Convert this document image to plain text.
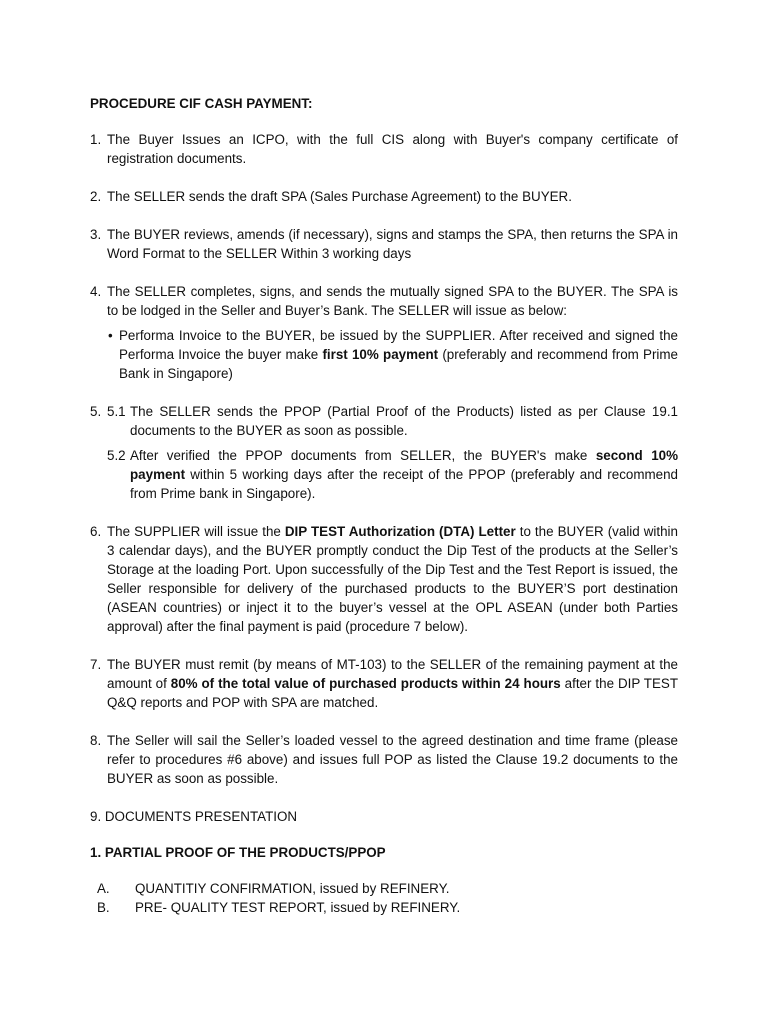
PROCEDURE CIF CASH PAYMENT:
1. The Buyer Issues an ICPO, with the full CIS along with Buyer's company certificate of registration documents.
2. The SELLER sends the draft SPA (Sales Purchase Agreement) to the BUYER.
3. The BUYER reviews, amends (if necessary), signs and stamps the SPA, then returns the SPA in Word Format to the SELLER Within 3 working days
4. The SELLER completes, signs, and sends the mutually signed SPA to the BUYER. The SPA is to be lodged in the Seller and Buyer’s Bank. The SELLER will issue as below:
• Performa Invoice to the BUYER, be issued by the SUPPLIER. After received and signed the Performa Invoice the buyer make first 10% payment (preferably and recommend from Prime Bank in Singapore)
5. 5.1 The SELLER sends the PPOP (Partial Proof of the Products) listed as per Clause 19.1 documents to the BUYER as soon as possible.
5.2 After verified the PPOP documents from SELLER, the BUYER's make second 10% payment within 5 working days after the receipt of the PPOP (preferably and recommend from Prime bank in Singapore).
6. The SUPPLIER will issue the DIP TEST Authorization (DTA) Letter to the BUYER (valid within 3 calendar days), and the BUYER promptly conduct the Dip Test of the products at the Seller’s Storage at the loading Port. Upon successfully of the Dip Test and the Test Report is issued, the Seller responsible for delivery of the purchased products to the BUYER’S port destination (ASEAN countries) or inject it to the buyer’s vessel at the OPL ASEAN (under both Parties approval) after the final payment is paid (procedure 7 below).
7. The BUYER must remit (by means of MT-103) to the SELLER of the remaining payment at the amount of 80% of the total value of purchased products within 24 hours after the DIP TEST Q&Q reports and POP with SPA are matched.
8. The Seller will sail the Seller’s loaded vessel to the agreed destination and time frame (please refer to procedures #6 above) and issues full POP as listed the Clause 19.2 documents to the BUYER as soon as possible.
9. DOCUMENTS PRESENTATION
1. PARTIAL PROOF OF THE PRODUCTS/PPOP
A. QUANTITIY CONFIRMATION, issued by REFINERY.
B. PRE- QUALITY TEST REPORT, issued by REFINERY.
